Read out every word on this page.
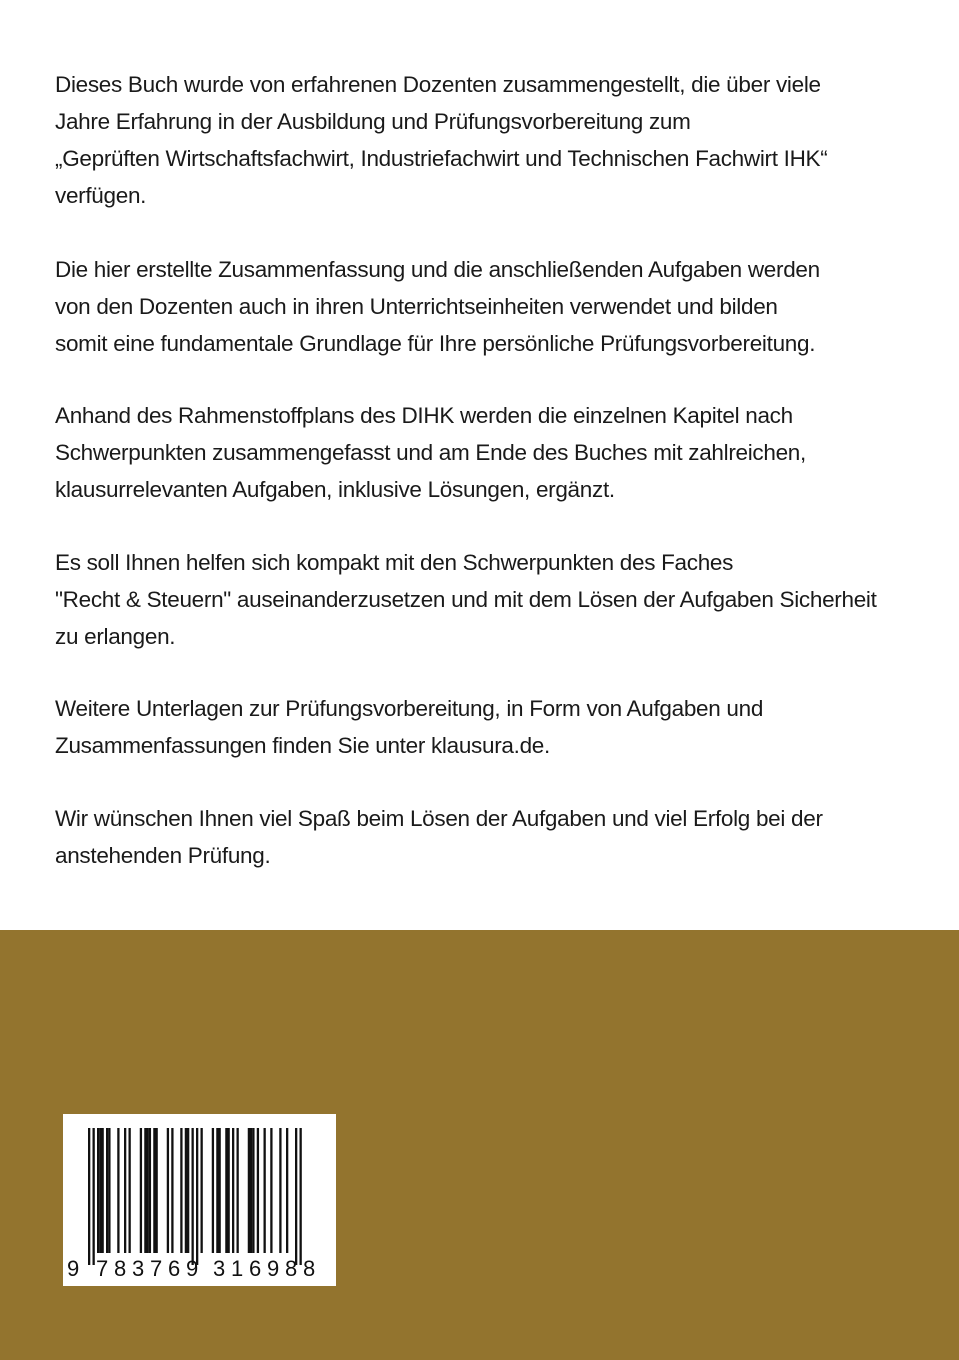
Dieses Buch wurde von erfahrenen Dozenten zusammengestellt, die über viele
Jahre Erfahrung in der Ausbildung und Prüfungsvorbereitung zum
„Geprüften Wirtschaftsfachwirt, Industriefachwirt und Technischen Fachwirt IHK“
verfügen.

Die hier erstellte Zusammenfassung und die anschließenden Aufgaben werden
von den Dozenten auch in ihren Unterrichtseinheiten verwendet und bilden
somit eine fundamentale Grundlage für Ihre persönliche Prüfungsvorbereitung.

Anhand des Rahmenstoffplans des DIHK werden die einzelnen Kapitel nach
Schwerpunkten zusammengefasst und am Ende des Buches mit zahlreichen,
klausurrelevanten Aufgaben, inklusive Lösungen, ergänzt.

Es soll Ihnen helfen sich kompakt mit den Schwerpunkten des Faches
"Recht & Steuern" auseinanderzusetzen und mit dem Lösen der Aufgaben Sicherheit
zu erlangen.

Weitere Unterlagen zur Prüfungsvorbereitung, in Form von Aufgaben und
Zusammenfassungen finden Sie unter klausura.de.

Wir wünschen Ihnen viel Spaß beim Lösen der Aufgaben und viel Erfolg bei der
anstehenden Prüfung.

9 7 8 3 7 6 9 3 1 6 9 8 8
